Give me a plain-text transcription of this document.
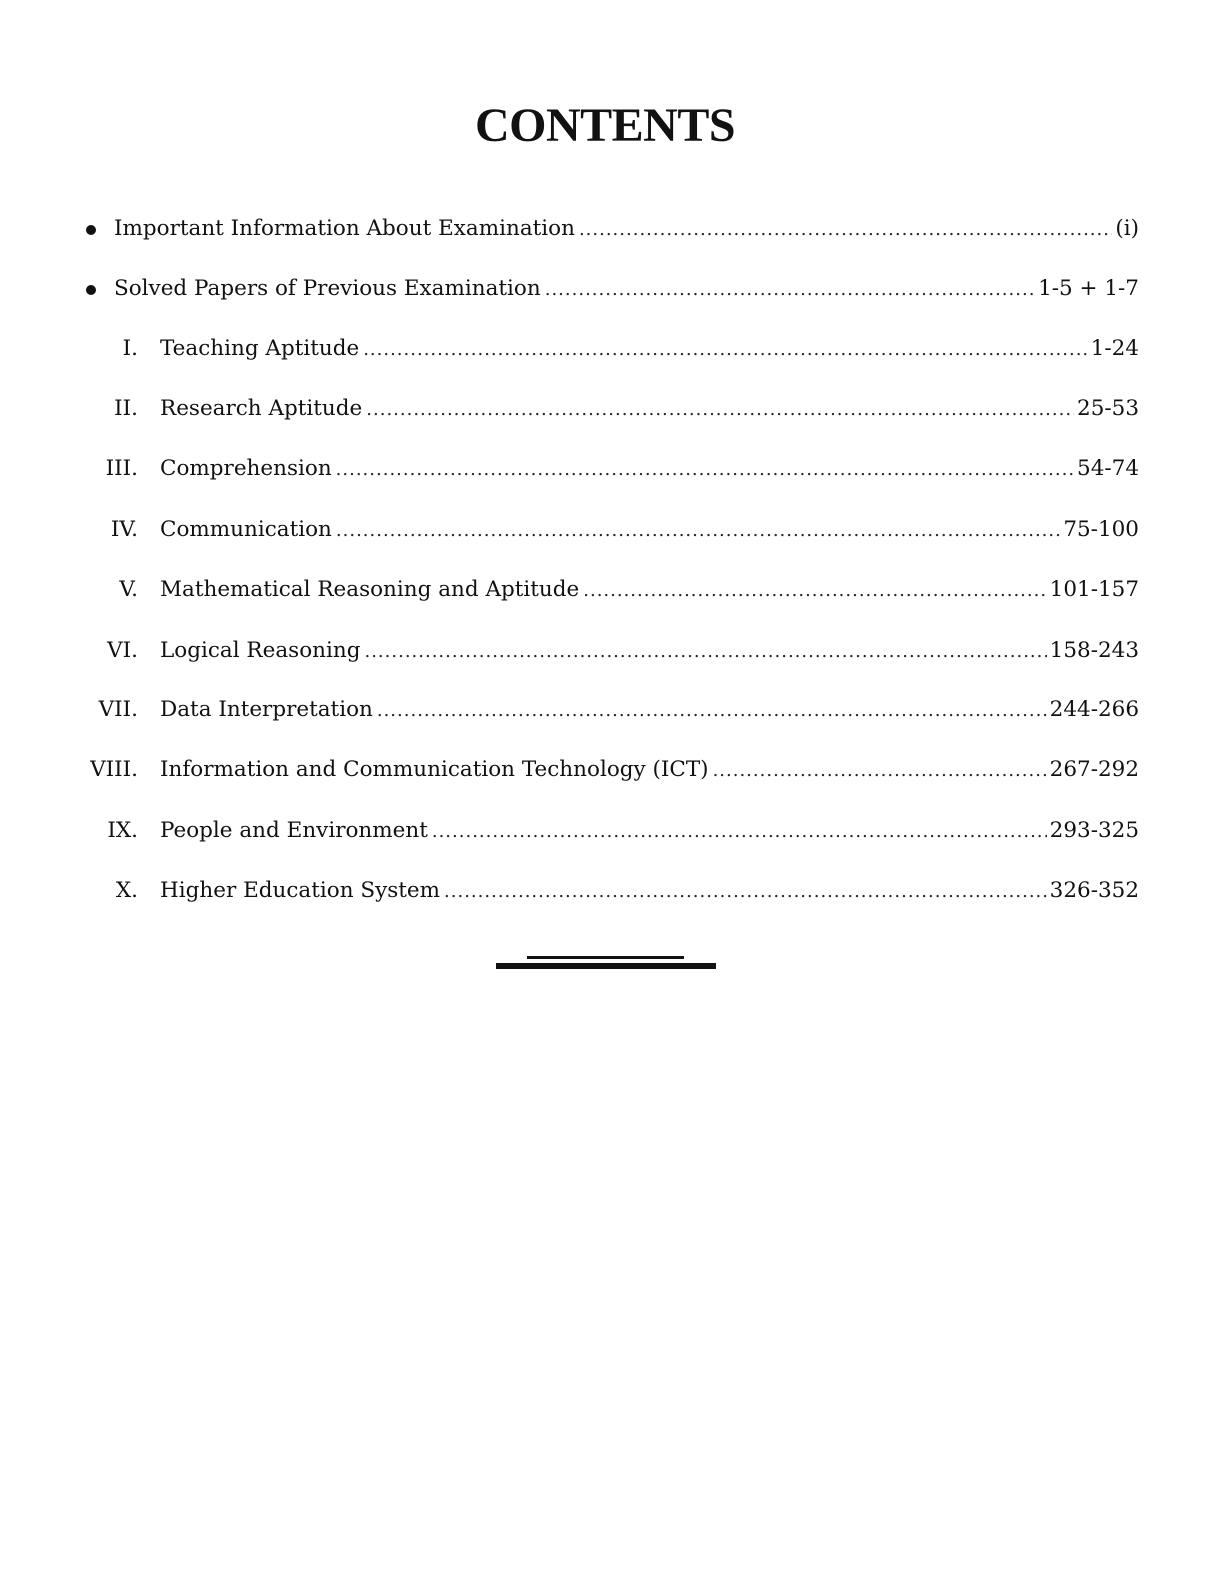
CONTENTS
Important Information About Examination .....	(i)
Solved Papers of Previous Examination .....	1-5 + 1-7
I. Teaching Aptitude .....	1-24
II. Research Aptitude .....	25-53
III. Comprehension .....	54-74
IV. Communication .....	75-100
V. Mathematical Reasoning and Aptitude .....	101-157
VI. Logical Reasoning .....	158-243
VII. Data Interpretation .....	244-266
VIII. Information and Communication Technology (ICT) .....	267-292
IX. People and Environment .....	293-325
X. Higher Education System .....	326-352
